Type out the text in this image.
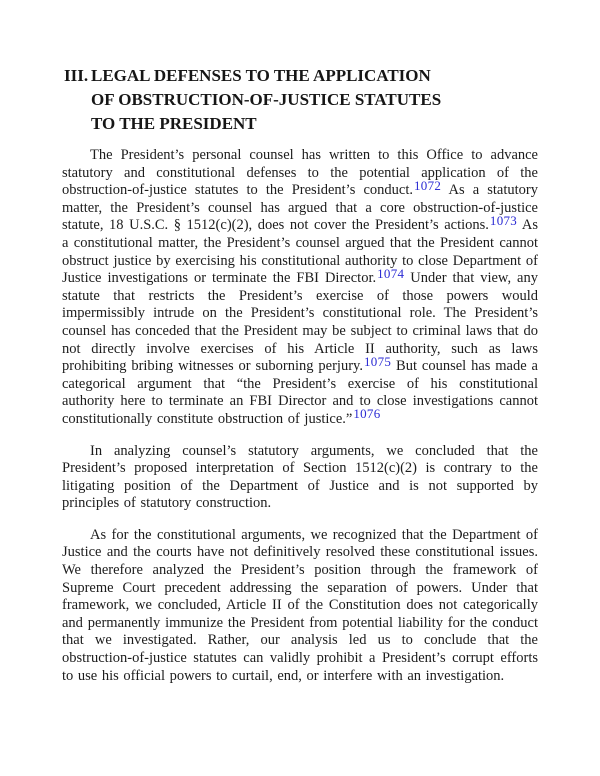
III. LEGAL DEFENSES TO THE APPLICATION
OF OBSTRUCTION-OF-JUSTICE STATUTES
TO THE PRESIDENT

The President’s personal counsel has written to this Office to advance statutory and constitutional defenses to the potential application of the obstruction-of-justice statutes to the President’s conduct.1072 As a statutory matter, the President’s counsel has argued that a core obstruction-of-justice statute, 18 U.S.C. § 1512(c)(2), does not cover the President’s actions.1073 As a constitutional matter, the President’s counsel argued that the President cannot obstruct justice by exercising his constitutional authority to close Department of Justice investigations or terminate the FBI Director.1074 Under that view, any statute that restricts the President’s exercise of those powers would impermissibly intrude on the President’s constitutional role. The President’s counsel has conceded that the President may be subject to criminal laws that do not directly involve exercises of his Article II authority, such as laws prohibiting bribing witnesses or suborning perjury.1075 But counsel has made a categorical argument that “the President’s exercise of his constitutional authority here to terminate an FBI Director and to close investigations cannot constitutionally constitute obstruction of justice.”1076

In analyzing counsel’s statutory arguments, we concluded that the President’s proposed interpretation of Section 1512(c)(2) is contrary to the litigating position of the Department of Justice and is not supported by principles of statutory construction.

As for the constitutional arguments, we recognized that the Department of Justice and the courts have not definitively resolved these constitutional issues. We therefore analyzed the President’s position through the framework of Supreme Court precedent addressing the separation of powers. Under that framework, we concluded, Article II of the Constitution does not categorically and permanently immunize the President from potential liability for the conduct that we investigated. Rather, our analysis led us to conclude that the obstruction-of-justice statutes can validly prohibit a President’s corrupt efforts to use his official powers to curtail, end, or interfere with an investigation.
